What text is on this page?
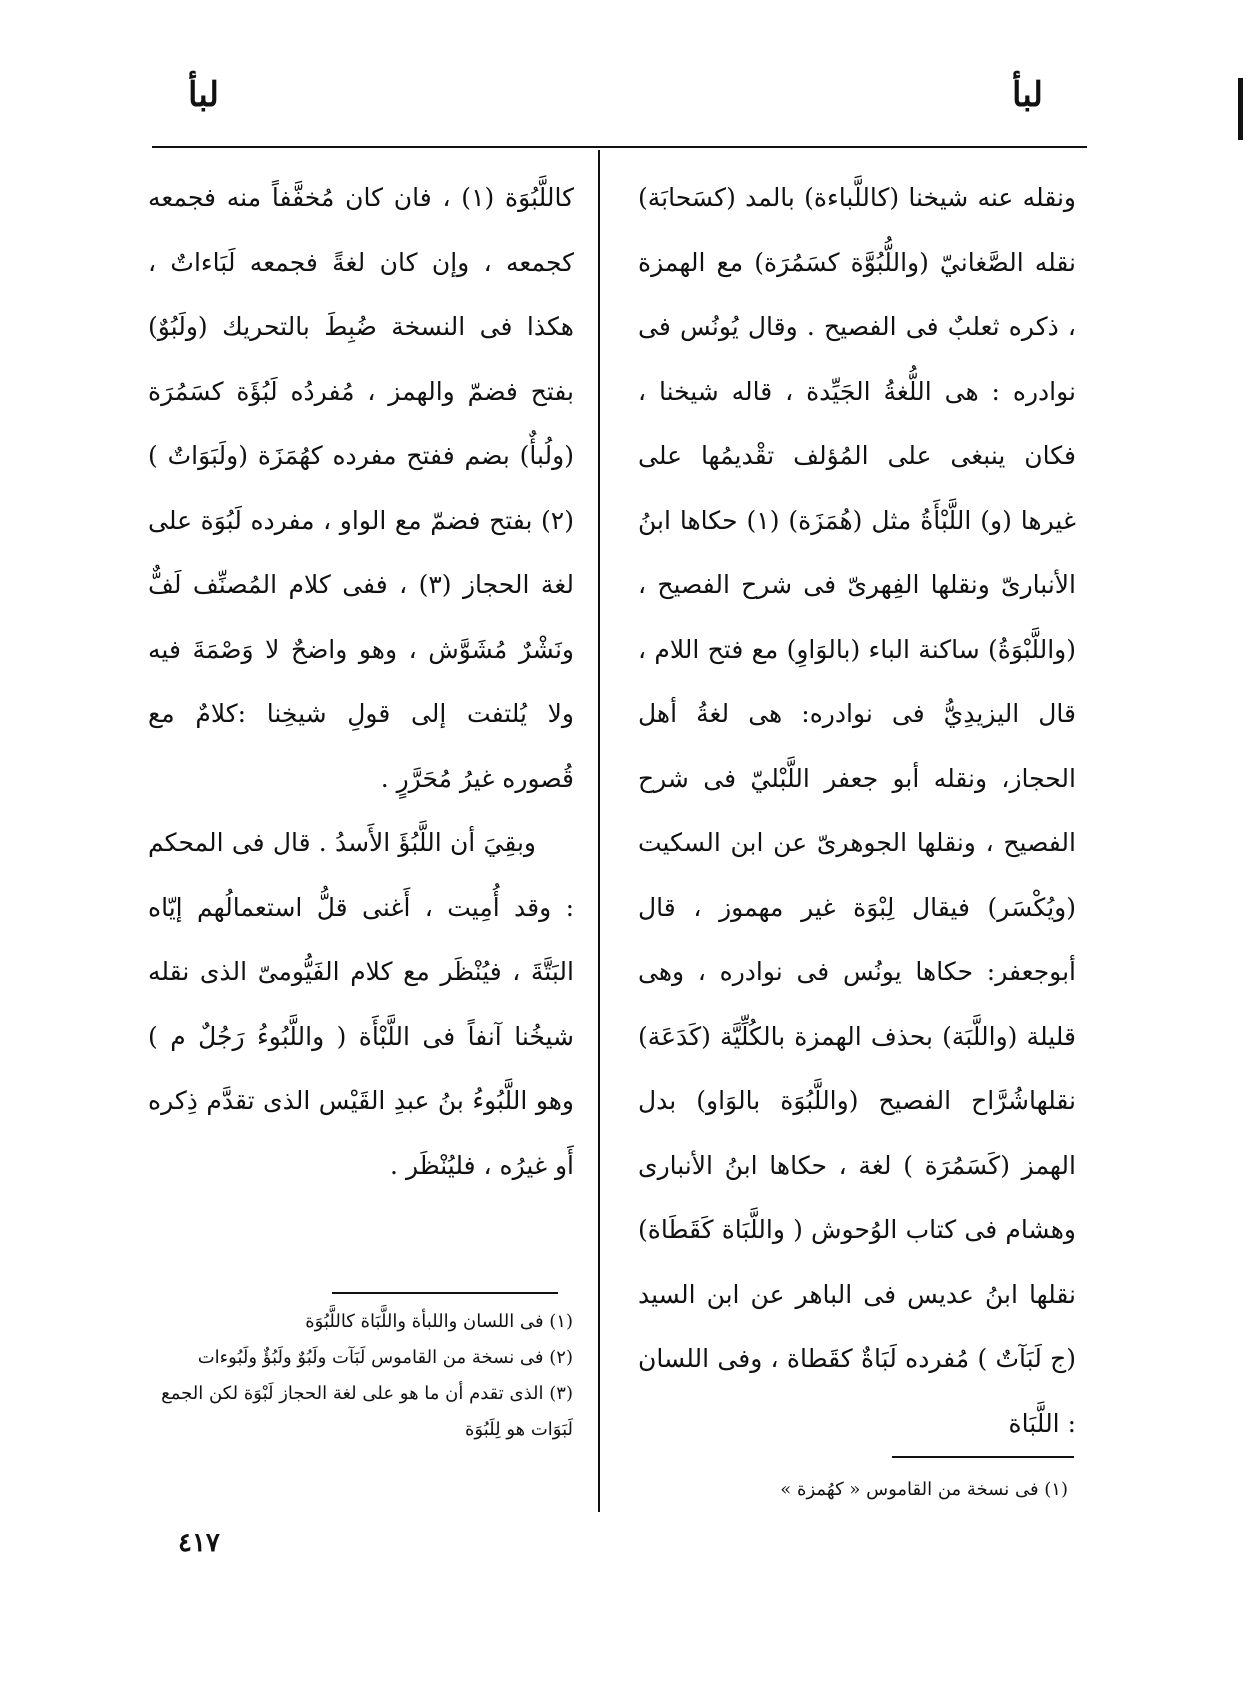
لبأ
لبأ

ونقله عنه شيخنا (كاللَّباءة) بالمد (كسَحابَة) نقله الصَّغانيّ (واللُّبُوَّة كسَمُرَة) مع الهمزة ، ذكره ثعلبٌ فى الفصيح . وقال يُونُس فى نوادره : هى اللُّغةُ الجَيِّدة ، قاله شيخنا ، فكان ينبغى على المُؤلف تقْديمُها على غيرها (و) اللَّبْأَةُ مثل (هُمَزَة) (١) حكاها ابنُ الأنبارىّ ونقلها الفِهرىّ فى شرح الفصيح ، (واللَّبْوَةُ) ساكنة الباء (بالوَاوِ) مع فتح اللام ، قال اليزيدِيُّ فى نوادره: هى لغةُ أهل الحجاز، ونقله أبو جعفر اللَّبْليّ فى شرح الفصيح ، ونقلها الجوهرىّ عن ابن السكيت (ويُكْسَر) فيقال لِبْوَة غير مهموز ، قال أبوجعفر: حكاها يونُس فى نوادره ، وهى قليلة (واللَّبَة) بحذف الهمزة بالكُلِّيَّة (كَدَعَة) نقلهاشُرَّاح الفصيح (واللَّبُوَة بالوَاو) بدل الهمز (كَسَمُرَة ) لغة ، حكاها ابنُ الأنبارى وهشام فى كتاب الوُحوش ( واللَّبَاة كَقَطَاة) نقلها ابنُ عديس فى الباهر عن ابن السيد (ج لَبَآتٌ ) مُفرده لَبَاةٌ كقَطاة ، وفى اللسان : اللَّبَاة

كاللَّبُوَة (١) ، فان كان مُخفَّفاً منه فجمعه كجمعه ، وإن كان لغةً فجمعه لَبَاءاتٌ ، هكذا فى النسخة ضُبِطَ بالتحريك (ولَبُوٌ) بفتح فضمّ والهمز ، مُفردُه لَبُؤَة كسَمُرَة (ولُبأٌ) بضم ففتح مفرده كهُمَزَة (ولَبَوَاتٌ ) (٢) بفتح فضمّ مع الواو ، مفرده لَبُوَة على لغة الحجاز (٣) ، ففى كلام المُصنِّف لَفٌّ ونَشْرٌ مُشَوَّش ، وهو واضحٌ لا وَصْمَةَ فيه ولا يُلتفت إلى قولِ شيخِنا :كلامٌ مع قُصوره غيرُ مُحَرَّرٍ .

وبقِيَ أن اللَّبُؤَ الأَسدُ . قال فى المحكم : وقد أُمِيت ، أَغنى قلُّ استعمالُهم إيّاه البَتَّةَ ، فيُنْظَر مع كلام الفَيُّومىّ الذى نقله شيخُنا آنفاً فى اللَّبْأَة ( واللَّبُوءُ رَجُلٌ م ) وهو اللَّبُوءُ بنُ عبدِ القَيْس الذى تقدَّم ذِكره أَو غيرُه ، فليُنْظَر .

(١) فى اللسان واللبأة واللَّبَاة كاللَّبُوَة

(٢) فى نسخة من القاموس لَبَآت ولَبُوٌ ولَبُؤٌ ولَبُوءات

(٣) الذى تقدم أن ما هو على لغة الحجاز لَبْوَة لكن الجمع لَبَوَات هو لِلَبُوَة

(١) فى نسخة من القاموس « كهُمزة »

٤١٧
